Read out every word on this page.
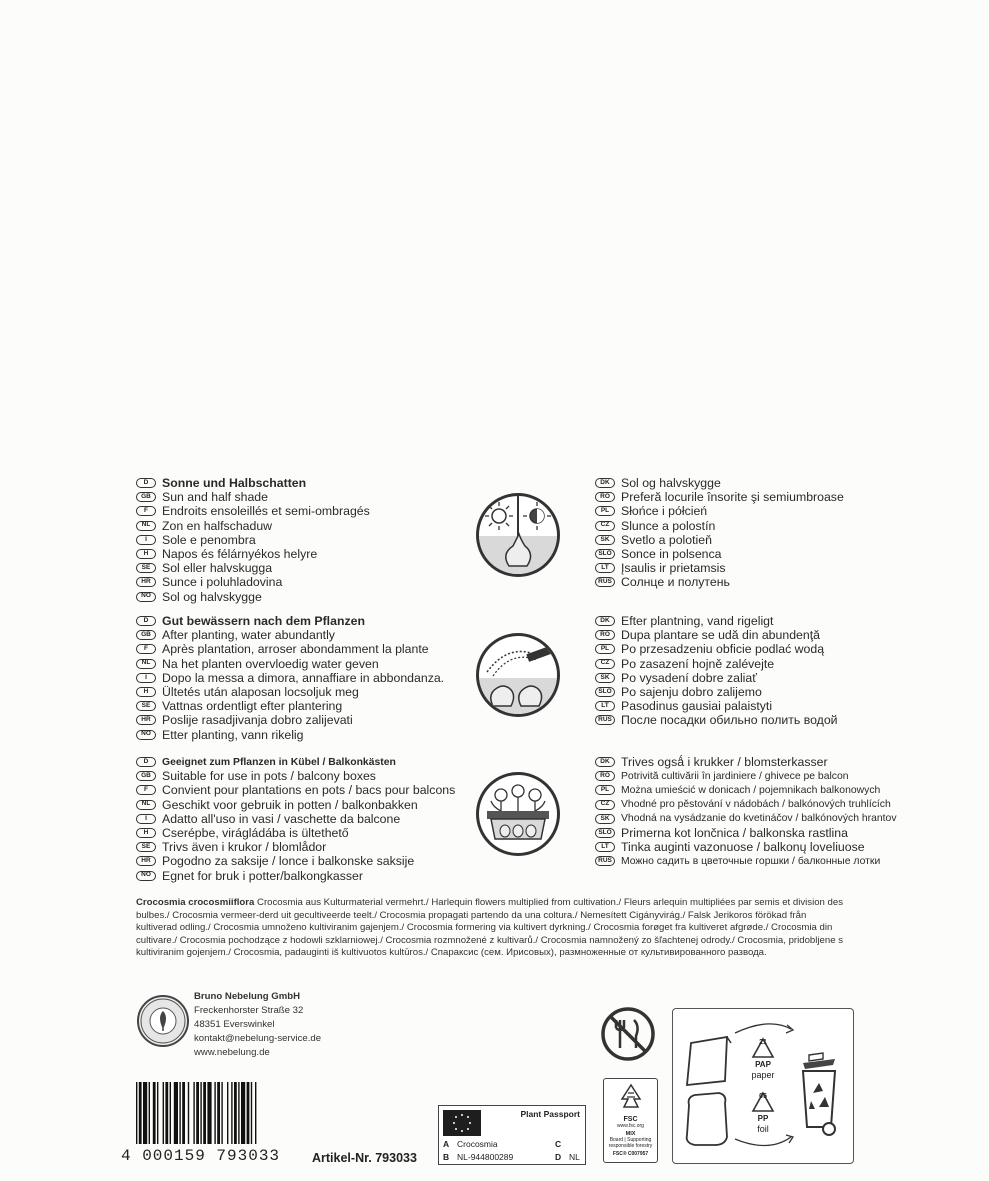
D	Sonne und Halbschatten
GB Sun and half shade
F	Endroits ensoleillés et semi-ombragés
NL Zon en halfschaduw
I	Sole e penombra
H	Napos és félárnyékos helyre
SE Sol eller halvskugga
HR Sunce i poluhladovina
NO Sol og halvskygge
DK Sol og halvskygge
RO Preferă locurile însorite şi semiumbroase
PL Słońce i półcień
CZ Slunce a polostín
SK Svetlo a polotieň
SLO Sonce in polsenca
LT Įsaulis ir prietamsis
RUS Солнце и полутень
D	Gut bewässern nach dem Pflanzen
GB After planting, water abundantly
F	Après plantation, arroser abondamment la plante
NL Na het planten overvloedig water geven
I	Dopo la messa a dimora, annaffiare in abbondanza.
H	Ültetés után alaposan locsoljuk meg
SE Vattnas ordentligt efter plantering
HR Poslije rasadjivanja dobro zalijevati
NO Etter planting, vann rikelig
DK Efter plantning, vand rigeligt
RO Dupa plantare se udă din abundenţă
PL Po przesadzeniu obficie podlać wodą
CZ Po zasazení hojně zalévejte
SK Po vysadení dobre zaliať
SLO Po sajenju dobro zalijemo
LT Pasodinus gausiai palaistyti
RUS После посадки обильно полить водой
D	Geeignet zum Pflanzen in Kübel / Balkonkästen
GB Suitable for use in pots / balcony boxes
F	Convient pour plantations en pots / bacs pour balcons
NL Geschikt voor gebruik in potten / balkonbakken
I	Adatto all'uso in vasi / vaschette da balcone
H	Cserépbe, virágládába is ültethető
SE Trivs även i krukor / blomlådor
HR Pogodno za saksije / lonce i balkonske saksije
NO Egnet for bruk i potter/balkongkasser
DK Trives ogsǻ i krukker / blomsterkasser
RO	Potrivită cultivării în jardiniere / ghivece pe balcon
PL	Można umieścić w donicach / pojemnikach balkonowych
CZ	Vhodné pro pěstování v nádobách / balkónových truhlících
SK	Vhodná na vysádzanie do kvetináčov / balkónových hrantov
SLO Primerna kot lončnica / balkonska rastlina
LT Tinka auginti vazonuose / balkonų loveliuose
RUS Можно садить в цветочные горшки / балконные лотки
Crocosmia crocosmiiflora Crocosmia aus Kulturmaterial vermehrt./ Harlequin flowers multiplied from cultivation./ Fleurs arlequin multipliées par semis et division des bulbes./ Crocosmia vermeer-derd uit gecultiveerde teelt./ Crocosmia propagati partendo da una coltura./ Nemesített Cigányvirág./ Falsk Jerikoros förökad från kultiverad odling./ Crocosmia umnoženo kultiviranim gajenjem./ Crocosmia formering via kultivert dyrkning./ Crocosmia forøget fra kultiveret afgrøde./ Crocosmia din cultivare./ Crocosmia pochodzące z hodowli szklarniowej./ Crocosmia rozmnožené z kultivarů./ Crocosmia namnožený zo šľachtenej odrody./ Crocosmia, pridobljene s kultiviranim gojenjem./ Crocosmia, padauginti iš kultivuotos kultūros./ Спараксис (сем. Ирисовых), размноженные от культивированного развода.
Bruno Nebelung GmbH
Freckenhorster Straße 32
48351 Everswinkel
kontakt@nebelung-service.de
www.nebelung.de
4 000159 793033	Artikel-Nr. 793033
Plant Passport
A Crocosmia
B NL-944800289
C
D NL
FSC
www.fsc.org
MIX
Board | Supporting responsible forestry
FSC® C007957
21
PAP
paper
05
PP
foil
